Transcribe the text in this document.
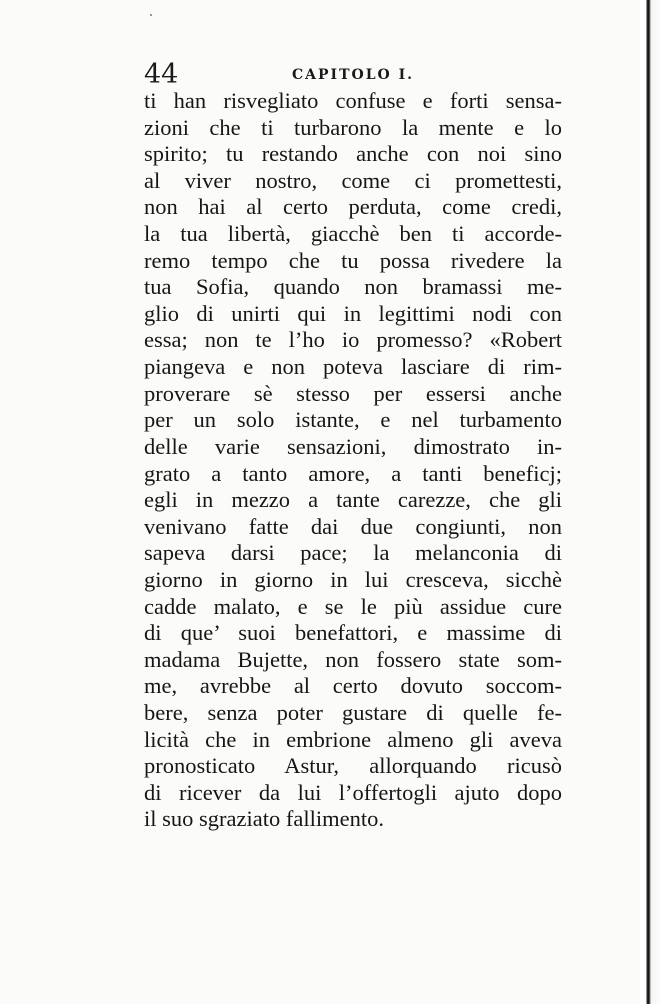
44	CAPITOLO I.
ti han risvegliato confuse e forti sensa-
zioni che ti turbarono la mente e lo
spirito; tu restando anche con noi sino
al viver nostro, come ci promettesti,
non hai al certo perduta, come credi,
la tua libertà, giacchè ben ti accorde-
remo tempo che tu possa rivedere la
tua Sofia, quando non bramassi me-
glio di unirti qui in legittimi nodi con
essa; non te l’ho io promesso? «Robert
piangeva e non poteva lasciare di rim-
proverare sè stesso per essersi anche
per un solo istante, e nel turbamento
delle varie sensazioni, dimostrato in-
grato a tanto amore, a tanti beneficj;
egli in mezzo a tante carezze, che gli
venivano fatte dai due congiunti, non
sapeva darsi pace; la melanconia di
giorno in giorno in lui cresceva, sicchè
cadde malato, e se le più assidue cure
di que’ suoi benefattori, e massime di
madama Bujette, non fossero state som-
me, avrebbe al certo dovuto soccom-
bere, senza poter gustare di quelle fe-
licità che in embrione almeno gli aveva
pronosticato Astur, allorquando ricusò
di ricever da lui l’offertogli ajuto dopo
il suo sgraziato fallimento.
